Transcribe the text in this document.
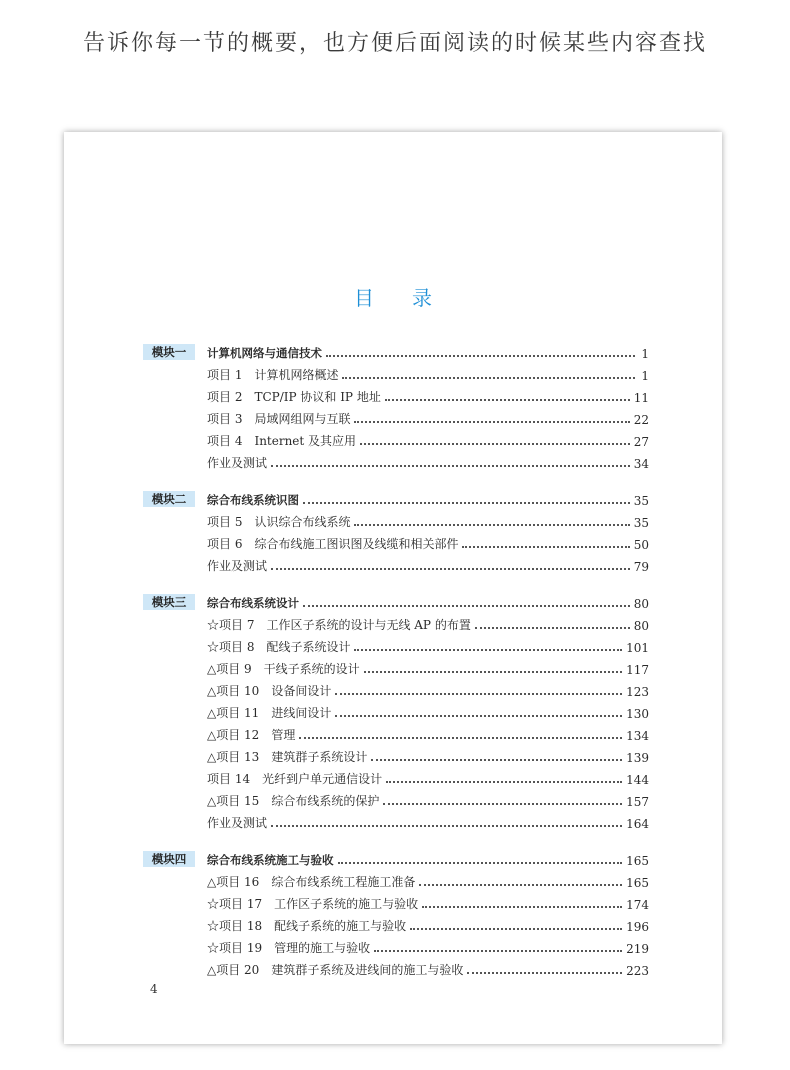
告诉你每一节的概要，也方便后面阅读的时候某些内容查找
目录
模块一	计算机网络与通信技术	1
项目 1　计算机网络概述	1
项目 2　TCP/IP 协议和 IP 地址	11
项目 3　局域网组网与互联	22
项目 4　Internet 及其应用	27
作业及测试	34
模块二	综合布线系统识图	35
项目 5　认识综合布线系统	35
项目 6　综合布线施工图识图及线缆和相关部件	50
作业及测试	79
模块三	综合布线系统设计	80
☆项目 7　工作区子系统的设计与无线 AP 的布置	80
☆项目 8　配线子系统设计	101
△项目 9　干线子系统的设计	117
△项目 10　设备间设计	123
△项目 11　进线间设计	130
△项目 12　管理	134
△项目 13　建筑群子系统设计	139
项目 14　光纤到户单元通信设计	144
△项目 15　综合布线系统的保护	157
作业及测试	164
模块四	综合布线系统施工与验收	165
△项目 16　综合布线系统工程施工准备	165
☆项目 17　工作区子系统的施工与验收	174
☆项目 18　配线子系统的施工与验收	196
☆项目 19　管理的施工与验收	219
△项目 20　建筑群子系统及进线间的施工与验收	223
4
